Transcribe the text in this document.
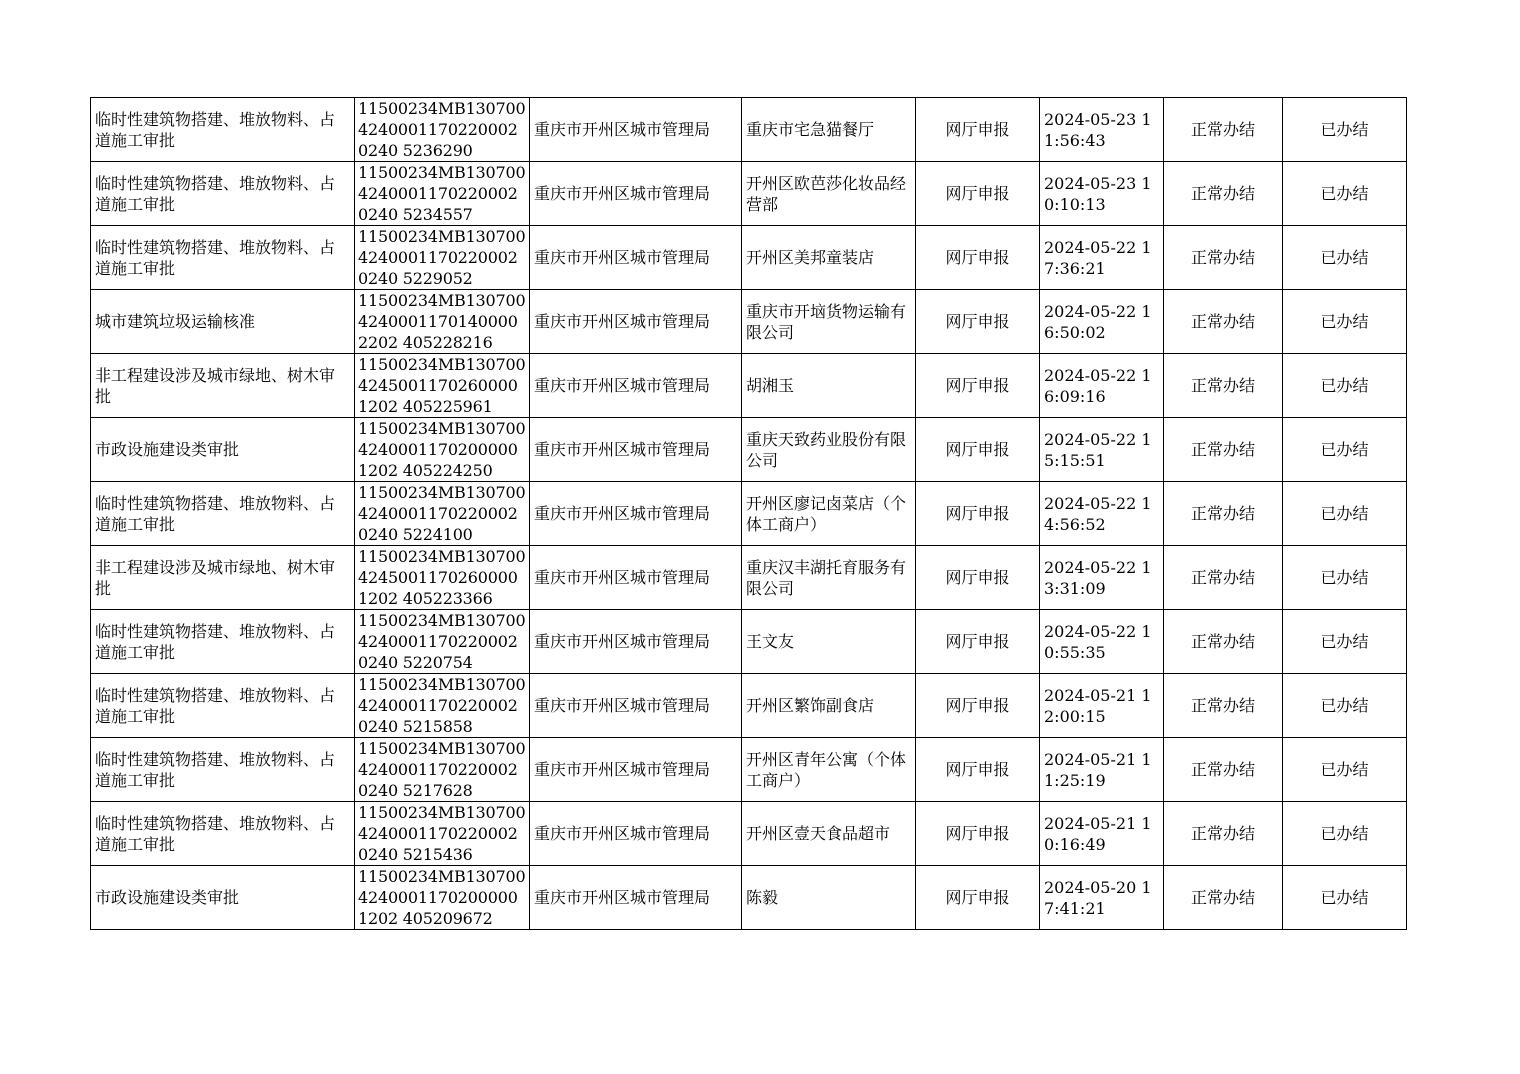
临时性建筑物搭建、堆放物料、占道施工审批	11500234MB13070042400011702200020240 5236290	重庆市开州区城市管理局	重庆市宅急猫餐厅	网厅申报	2024-05-23 11:56:43	正常办结	已办结
临时性建筑物搭建、堆放物料、占道施工审批	11500234MB13070042400011702200020240 5234557	重庆市开州区城市管理局	开州区欧芭莎化妆品经营部	网厅申报	2024-05-23 10:10:13	正常办结	已办结
临时性建筑物搭建、堆放物料、占道施工审批	11500234MB13070042400011702200020240 5229052	重庆市开州区城市管理局	开州区美邦童装店	网厅申报	2024-05-22 17:36:21	正常办结	已办结
城市建筑垃圾运输核准	11500234MB13070042400011701400002202 405228216	重庆市开州区城市管理局	重庆市开垴货物运输有限公司	网厅申报	2024-05-22 16:50:02	正常办结	已办结
非工程建设涉及城市绿地、树木审批	11500234MB13070042450011702600001202 405225961	重庆市开州区城市管理局	胡湘玉	网厅申报	2024-05-22 16:09:16	正常办结	已办结
市政设施建设类审批	11500234MB13070042400011702000001202 405224250	重庆市开州区城市管理局	重庆天致药业股份有限公司	网厅申报	2024-05-22 15:15:51	正常办结	已办结
临时性建筑物搭建、堆放物料、占道施工审批	11500234MB13070042400011702200020240 5224100	重庆市开州区城市管理局	开州区廖记卤菜店（个体工商户）	网厅申报	2024-05-22 14:56:52	正常办结	已办结
非工程建设涉及城市绿地、树木审批	11500234MB13070042450011702600001202 405223366	重庆市开州区城市管理局	重庆汉丰湖托育服务有限公司	网厅申报	2024-05-22 13:31:09	正常办结	已办结
临时性建筑物搭建、堆放物料、占道施工审批	11500234MB13070042400011702200020240 5220754	重庆市开州区城市管理局	王文友	网厅申报	2024-05-22 10:55:35	正常办结	已办结
临时性建筑物搭建、堆放物料、占道施工审批	11500234MB13070042400011702200020240 5215858	重庆市开州区城市管理局	开州区繁饰副食店	网厅申报	2024-05-21 12:00:15	正常办结	已办结
临时性建筑物搭建、堆放物料、占道施工审批	11500234MB13070042400011702200020240 5217628	重庆市开州区城市管理局	开州区青年公寓（个体工商户）	网厅申报	2024-05-21 11:25:19	正常办结	已办结
临时性建筑物搭建、堆放物料、占道施工审批	11500234MB13070042400011702200020240 5215436	重庆市开州区城市管理局	开州区壹天食品超市	网厅申报	2024-05-21 10:16:49	正常办结	已办结
市政设施建设类审批	11500234MB13070042400011702000001202 405209672	重庆市开州区城市管理局	陈毅	网厅申报	2024-05-20 17:41:21	正常办结	已办结
